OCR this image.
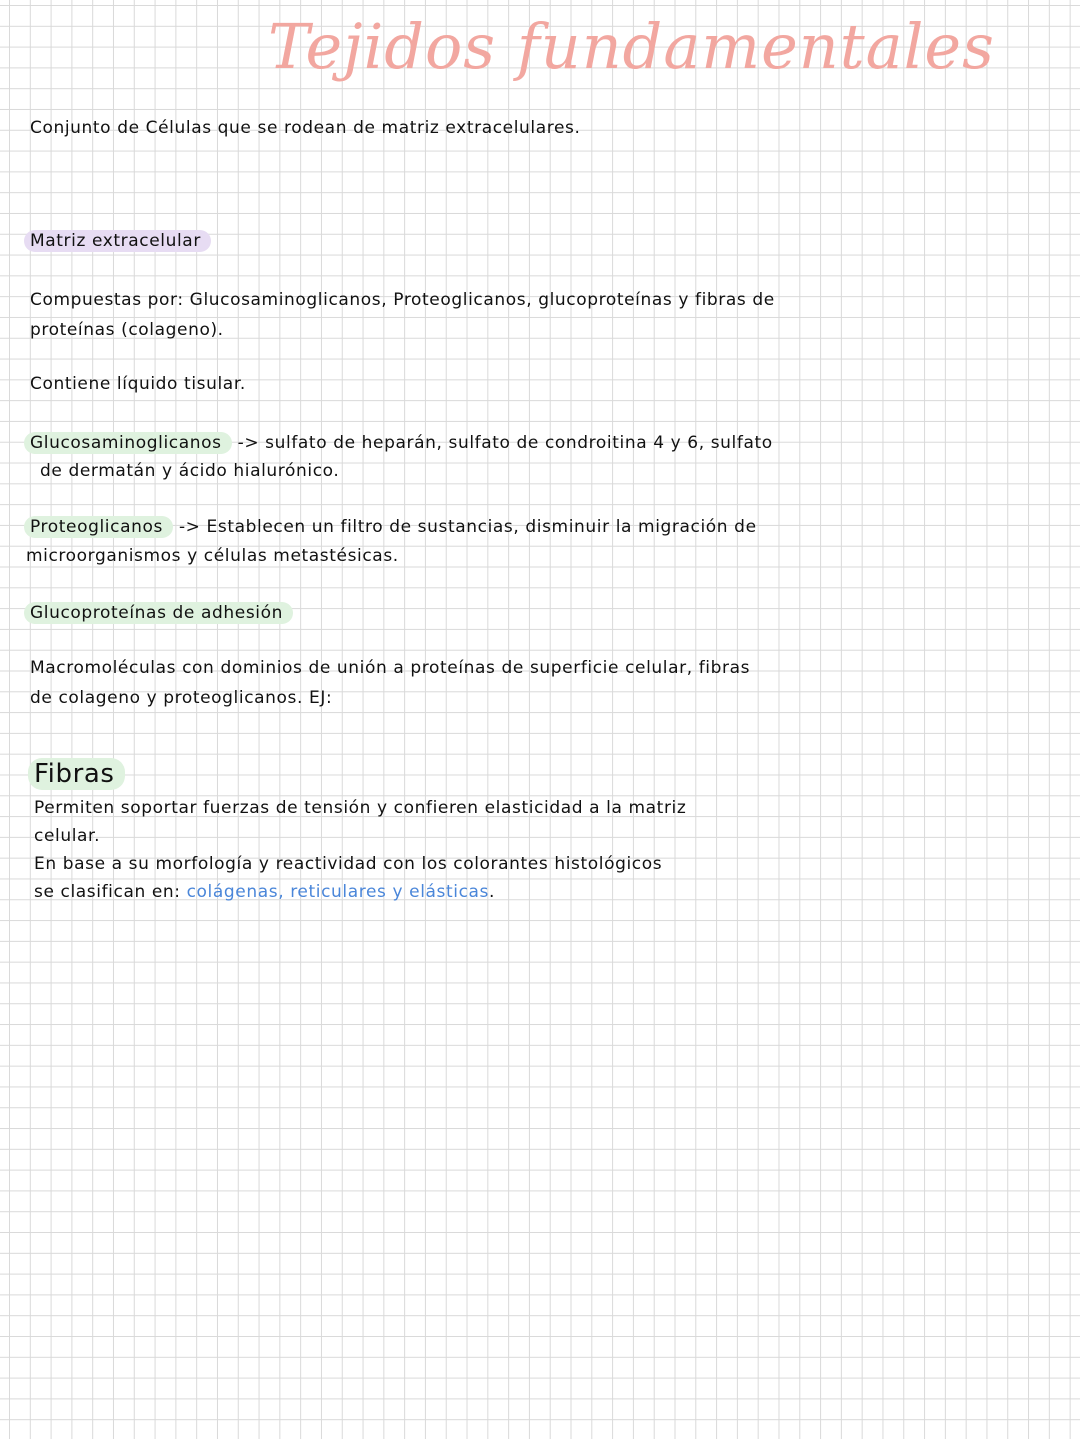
Tejidos fundamentales
Conjunto de Células que se rodean de matriz extracelulares.
Matriz extracelular
Compuestas por: Glucosaminoglicanos, Proteoglicanos, glucoproteínas y fibras de
proteínas (colageno).
Contiene líquido tisular.
Glucosaminoglicanos -> sulfato de heparán, sulfato de condroitina 4 y 6, sulfato
de dermatán y ácido hialurónico.
Proteoglicanos -> Establecen un filtro de sustancias, disminuir la migración de
microorganismos y células metastésicas.
Glucoproteínas de adhesión
Macromoléculas con dominios de unión a proteínas de superficie celular, fibras
de colageno y proteoglicanos. EJ:
Fibras
Permiten soportar fuerzas de tensión y confieren elasticidad a la matriz
celular.
En base a su morfología y reactividad con los colorantes histológicos
se clasifican en: colágenas, reticulares y elásticas.
